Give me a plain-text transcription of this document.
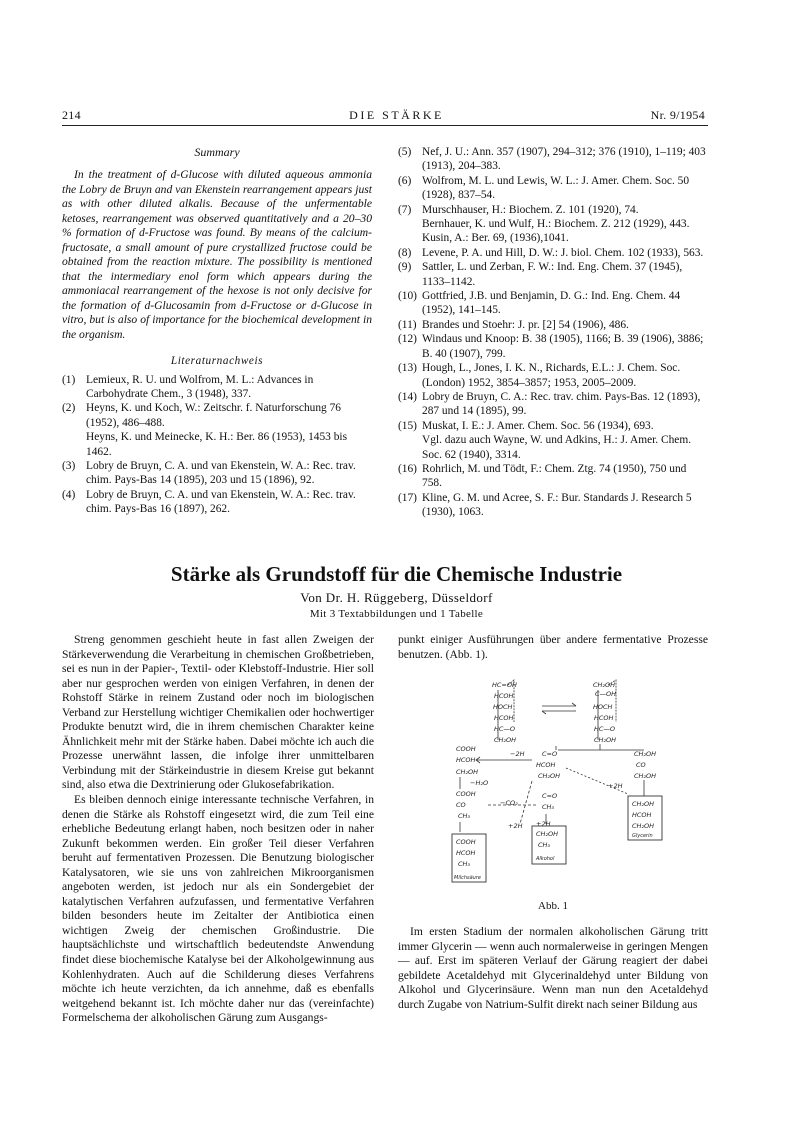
214	DIE STÄRKE	Nr. 9/1954
Summary

In the treatment of d-Glucose with diluted aqueous ammonia the Lobry de Bruyn and van Ekenstein rearrangement appears just as with other diluted alkalis. Because of the unfermentable ketoses, rearrangement was observed quantitatively and a 20–30 % formation of d-Fructose was found. By means of the calcium-fructosate, a small amount of pure crystallized fructose could be obtained from the reaction mixture. The possibility is mentioned that the intermediary enol form which appears during the ammoniacal rearrangement of the hexose is not only decisive for the formation of d-Glucosamin from d-Fructose or d-Glucose in vitro, but is also of importance for the biochemical development in the organism.

Literaturnachweis
(1) Lemieux, R. U. und Wolfrom, M. L.: Advances in Carbohydrate Chem., 3 (1948), 337.
(2) Heyns, K. und Koch, W.: Zeitschr. f. Naturforschung 76 (1952), 486–488.
Heyns, K. und Meinecke, K. H.: Ber. 86 (1953), 1453 bis 1462.
(3) Lobry de Bruyn, C. A. und van Ekenstein, W. A.: Rec. trav. chim. Pays-Bas 14 (1895), 203 und 15 (1896), 92.
(4) Lobry de Bruyn, C. A. und van Ekenstein, W. A.: Rec. trav. chim. Pays-Bas 16 (1897), 262.
(5) Nef, J. U.: Ann. 357 (1907), 294–312; 376 (1910), 1–119; 403 (1913), 204–383.
(6) Wolfrom, M. L. und Lewis, W. L.: J. Amer. Chem. Soc. 50 (1928), 837–54.
(7) Murschhauser, H.: Biochem. Z. 101 (1920), 74.
Bernhauer, K. und Wulf, H.: Biochem. Z. 212 (1929), 443.
Kusin, A.: Ber. 69, (1936),1041.
(8) Levene, P. A. und Hill, D. W.: J. biol. Chem. 102 (1933), 563.
(9) Sattler, L. und Zerban, F. W.: Ind. Eng. Chem. 37 (1945), 1133–1142.
(10) Gottfried, J.B. und Benjamin, D. G.: Ind. Eng. Chem. 44 (1952), 141–145.
(11) Brandes und Stoehr: J. pr. [2] 54 (1906), 486.
(12) Windaus und Knoop: B. 38 (1905), 1166; B. 39 (1906), 3886; B. 40 (1907), 799.
(13) Hough, L., Jones, I. K. N., Richards, E.L.: J. Chem. Soc. (London) 1952, 3854–3857; 1953, 2005–2009.
(14) Lobry de Bruyn, C. A.: Rec. trav. chim. Pays-Bas. 12 (1893), 287 und 14 (1895), 99.
(15) Muskat, I. E.: J. Amer. Chem. Soc. 56 (1934), 693.
Vgl. dazu auch Wayne, W. und Adkins, H.: J. Amer. Chem. Soc. 62 (1940), 3314.
(16) Rohrlich, M. und Tödt, F.: Chem. Ztg. 74 (1950), 750 und 758.
(17) Kline, G. M. und Acree, S. F.: Bur. Standards J. Research 5 (1930), 1063.
Stärke als Grundstoff für die Chemische Industrie
Von Dr. H. Rüggeberg, Düsseldorf
Mit 3 Textabbildungen und 1 Tabelle

Streng genommen geschieht heute in fast allen Zweigen der Stärkeverwendung die Verarbeitung in chemischen Großbetrieben, sei es nun in der Papier-, Textil- oder Klebstoff-Industrie. Hier soll aber nur gesprochen werden von einigen Verfahren, in denen der Rohstoff Stärke in reinem Zustand oder noch im biologischen Verband zur Herstellung wichtiger Chemikalien oder hochwertiger Produkte benutzt wird, die in ihrem chemischen Charakter keine Ähnlichkeit mehr mit der Stärke haben. Dabei möchte ich auch die Prozesse unerwähnt lassen, die infolge ihrer unmittelbaren Verbindung mit der Stärkeindustrie in diesem Kreise gut bekannt sind, also etwa die Dextrinierung oder Glukosefabrikation.

Es bleiben dennoch einige interessante technische Verfahren, in denen die Stärke als Rohstoff eingesetzt wird, die zum Teil eine erhebliche Bedeutung erlangt haben, noch besitzen oder in naher Zukunft bekommen werden. Ein großer Teil dieser Verfahren beruht auf fermentativen Prozessen. Die Benutzung biologischer Katalysatoren, wie sie uns von zahlreichen Mikroorganismen angeboten werden, ist jedoch nur als ein Sondergebiet der katalytischen Verfahren aufzufassen, und fermentative Verfahren bilden besonders heute im Zeitalter der Antibiotica einen wichtigen Zweig der chemischen Großindustrie. Die hauptsächlichste und wirtschaftlich bedeutendste Anwendung findet diese biochemische Katalyse bei der Alkoholgewinnung aus Kohlenhydraten. Auch auf die Schilderung dieses Verfahrens möchte ich heute verzichten, da ich annehme, daß es ebenfalls weitgehend bekannt ist. Ich möchte daher nur das (vereinfachte) Formelschema der alkoholischen Gärung zum Ausgangs-

punkt einiger Ausführungen über andere fermentative Prozesse benutzen. (Abb. 1).

HC=OH
HCOH
HOCH
HCOH
HC—O
CH₂OH
CH₂OH
C—OH
HOCH
HCOH
HC—O
CH₂OH
COOH
HCOH
CH₂OH
C=O
HCOH
CH₂OH
CH₂OH
CO
CH₂OH
COOH
CO
CH₃
C=O
CH₃
−2H
−H₂O
−CO₂
+2H +2H
+2H
COOH
HCOH
CH₃
Milchsäure
CH₂OH
CH₃
Alkohol
CH₂OH
HCOH
CH₂OH
Glycerin
Abb. 1

Im ersten Stadium der normalen alkoholischen Gärung tritt immer Glycerin — wenn auch normalerweise in geringen Mengen — auf. Erst im späteren Verlauf der Gärung reagiert der dabei gebildete Acetaldehyd mit Glycerinaldehyd unter Bildung von Alkohol und Glycerinsäure. Wenn man nun den Acetaldehyd durch Zugabe von Natrium-Sulfit direkt nach seiner Bildung aus
